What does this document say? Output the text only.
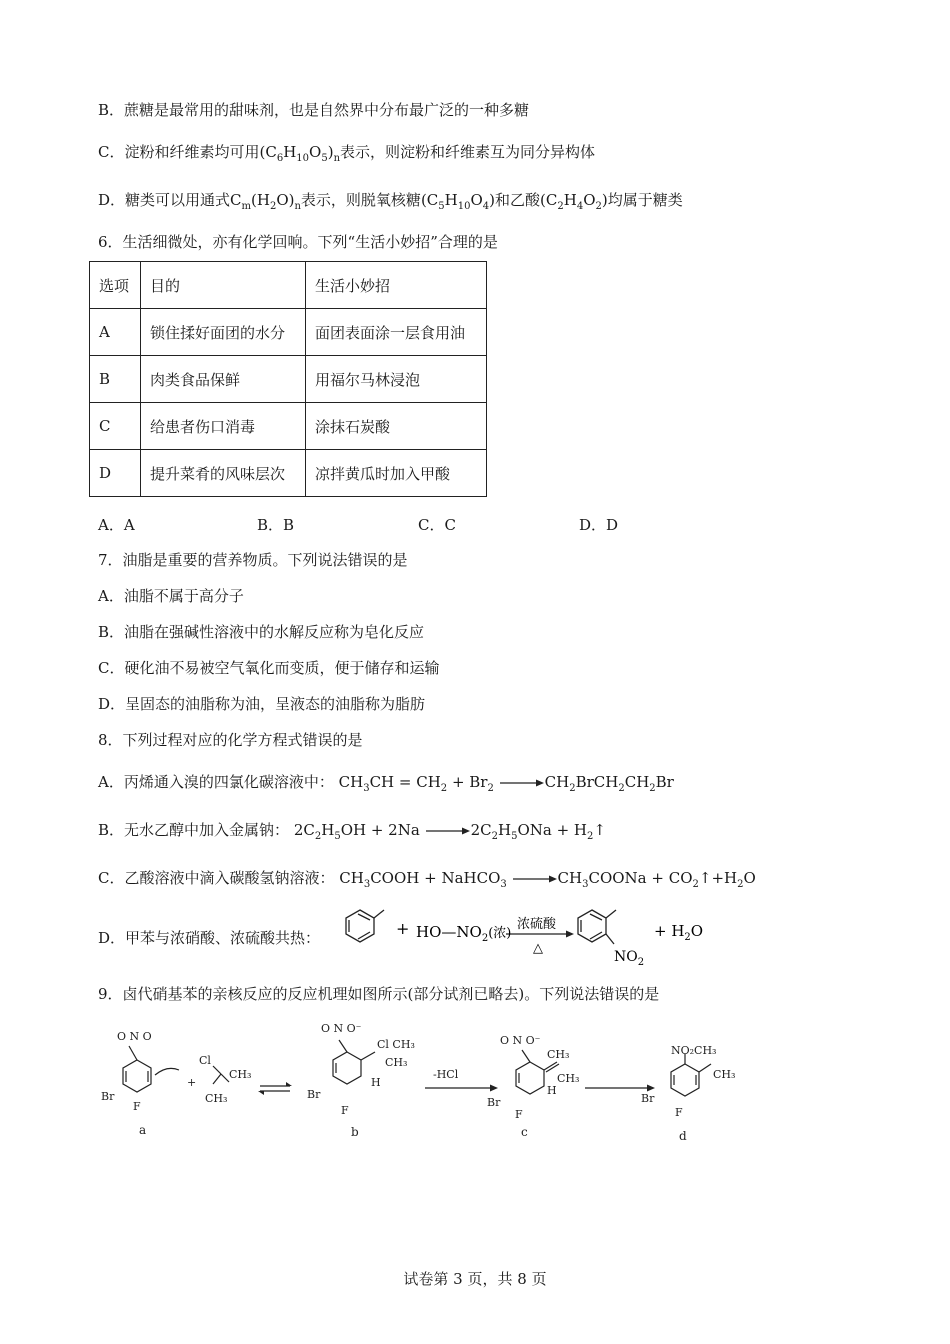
B．蔗糖是最常用的甜味剂，也是自然界中分布最广泛的一种多糖
C．淀粉和纤维素均可用$(C_6H_{10}O_5)_n$表示，则淀粉和纤维素互为同分异构体
D．糖类可以用通式$C_m(H_2O)_n$表示，则脱氧核糖$(C_5H_{10}O_4)$和乙酸$(C_2H_4O_2)$均属于糖类
6．生活细微处，亦有化学回响。下列“生活小妙招”合理的是
选项	目的	生活小妙招
A	锁住揉好面团的水分	面团表面涂一层食用油
B	肉类食品保鲜	用福尔马林浸泡
C	给患者伤口消毒	涂抹石炭酸
D	提升菜肴的风味层次	凉拌黄瓜时加入甲酸
A．A	B．B	C．C	D．D
7．油脂是重要的营养物质。下列说法错误的是
A．油脂不属于高分子
B．油脂在强碱性溶液中的水解反应称为皂化反应
C．硬化油不易被空气氧化而变质，便于储存和运输
D．呈固态的油脂称为油，呈液态的油脂称为脂肪
8．下列过程对应的化学方程式错误的是
A．丙烯通入溴的四氯化碳溶液中： $CH_3CH = CH_2 + Br_2$ $\to CH_2BrCH_2CH_2Br$
B．无水乙醇中加入金属钠： $2C_2H_5OH + 2Na \to 2C_2H_5ONa$ + $H_2↑$
C．乙酸溶液中滴入碳酸氢钠溶液： $CH_3COOH$ + NaHCO$_3$ $\to CH_3COONa$ + $CO_2↑+H_2O$
D．甲苯与浓硝酸、浓硫酸共热：	+ $HO—NO_2$(浓)
浓硫酸
△
$NO_2$
+ $H_2O$
9．卤代硝基苯的亲核反应的反应机理如图所示(部分试剂已略去)。下列说法错误的是
O N O
Br
F
+
Cl
CH₃
CH₃
O N O⁻
Cl CH₃
CH₃
Br
F
H
-HCl
O N O⁻
CH₃
CH₃
H
Br
F
NO₂CH₃
CH₃
Br
F
a	b	c	d
试卷第 3 页，共 8 页
